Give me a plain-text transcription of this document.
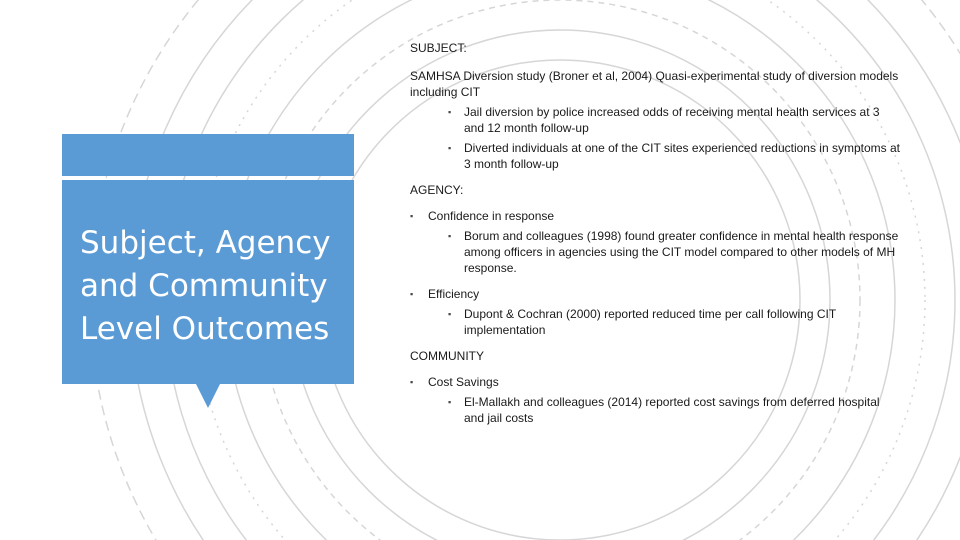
Subject, Agency and Community Level Outcomes

SUBJECT:

SAMHSA Diversion study (Broner et al, 2004) Quasi-experimental study of diversion models including CIT

▪ Jail diversion by police increased odds of receiving mental health services at 3 and 12 month follow-up
▪ Diverted individuals at one of the CIT sites experienced reductions in symptoms at 3 month follow-up

AGENCY:

▪ Confidence in response
▪ Borum and colleagues (1998) found greater confidence in mental health response among officers in agencies using the CIT model compared to other models of MH response.
▪ Efficiency
▪ Dupont & Cochran (2000) reported reduced time per call following CIT implementation

COMMUNITY

▪ Cost Savings
▪ El-Mallakh and colleagues (2014) reported cost savings from deferred hospital and jail costs
